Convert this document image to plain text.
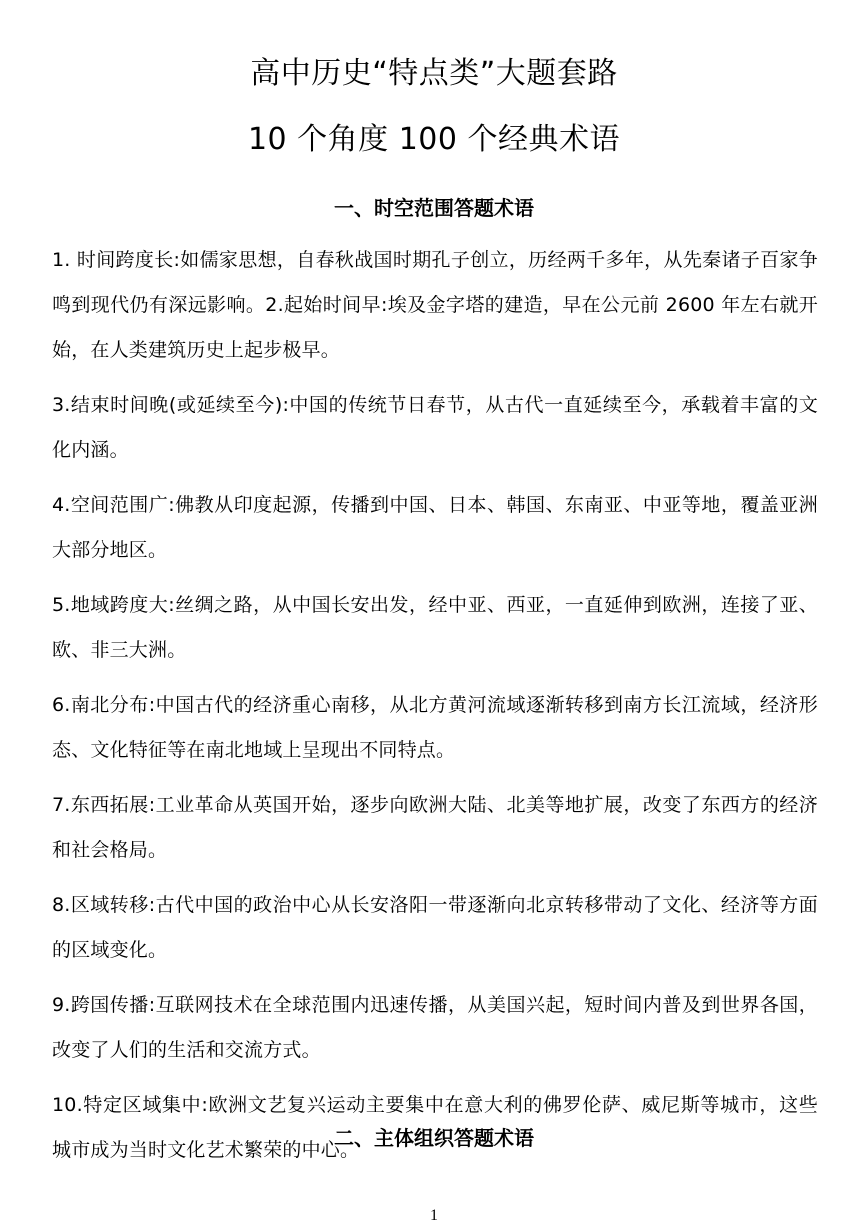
高中历史“特点类”大题套路
10 个角度 100 个经典术语
一、时空范围答题术语

1. 时间跨度长:如儒家思想，自春秋战国时期孔子创立，历经两千多年，从先秦诸子百家争鸣到现代仍有深远影响。2.起始时间早:埃及金字塔的建造，早在公元前 2600 年左右就开始，在人类建筑历史上起步极早。

3.结束时间晚(或延续至今):中国的传统节日春节，从古代一直延续至今，承载着丰富的文化内涵。

4.空间范围广:佛教从印度起源，传播到中国、日本、韩国、东南亚、中亚等地，覆盖亚洲大部分地区。

5.地域跨度大:丝绸之路，从中国长安出发，经中亚、西亚，一直延伸到欧洲，连接了亚、欧、非三大洲。

6.南北分布:中国古代的经济重心南移，从北方黄河流域逐渐转移到南方长江流域，经济形态、文化特征等在南北地域上呈现出不同特点。

7.东西拓展:工业革命从英国开始，逐步向欧洲大陆、北美等地扩展，改变了东西方的经济和社会格局。

8.区域转移:古代中国的政治中心从长安洛阳一带逐渐向北京转移带动了文化、经济等方面的区域变化。

9.跨国传播:互联网技术在全球范围内迅速传播，从美国兴起，短时间内普及到世界各国，改变了人们的生活和交流方式。

10.特定区域集中:欧洲文艺复兴运动主要集中在意大利的佛罗伦萨、威尼斯等城市，这些城市成为当时文化艺术繁荣的中心。

二、主体组织答题术语
1
